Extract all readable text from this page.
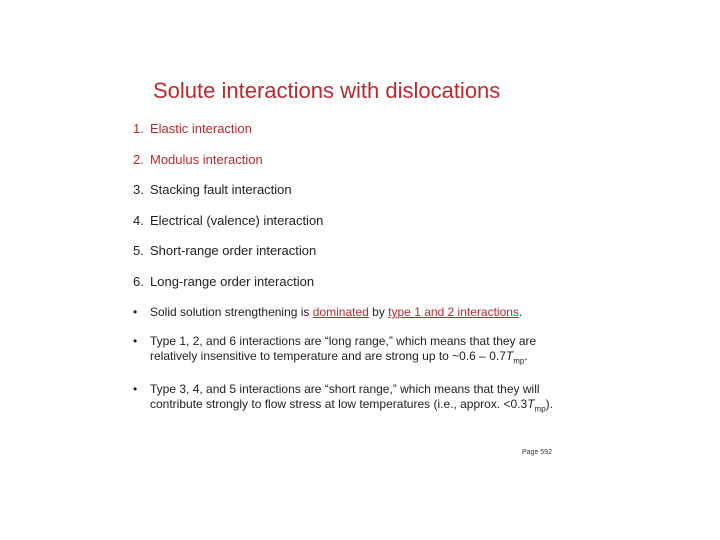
Solute interactions with dislocations
1. Elastic interaction
2. Modulus interaction
3. Stacking fault interaction
4. Electrical (valence) interaction
5. Short-range order interaction
6. Long-range order interaction
• Solid solution strengthening is dominated by type 1 and 2 interactions.
• Type 1, 2, and 6 interactions are “long range,” which means that they are relatively insensitive to temperature and are strong up to ~0.6 – $0.7T_{mp}$.
• Type 3, 4, and 5 interactions are “short range,” which means that they will contribute strongly to flow stress at low temperatures (i.e., approx. $<0.3T_{mp}$).
Page 592
